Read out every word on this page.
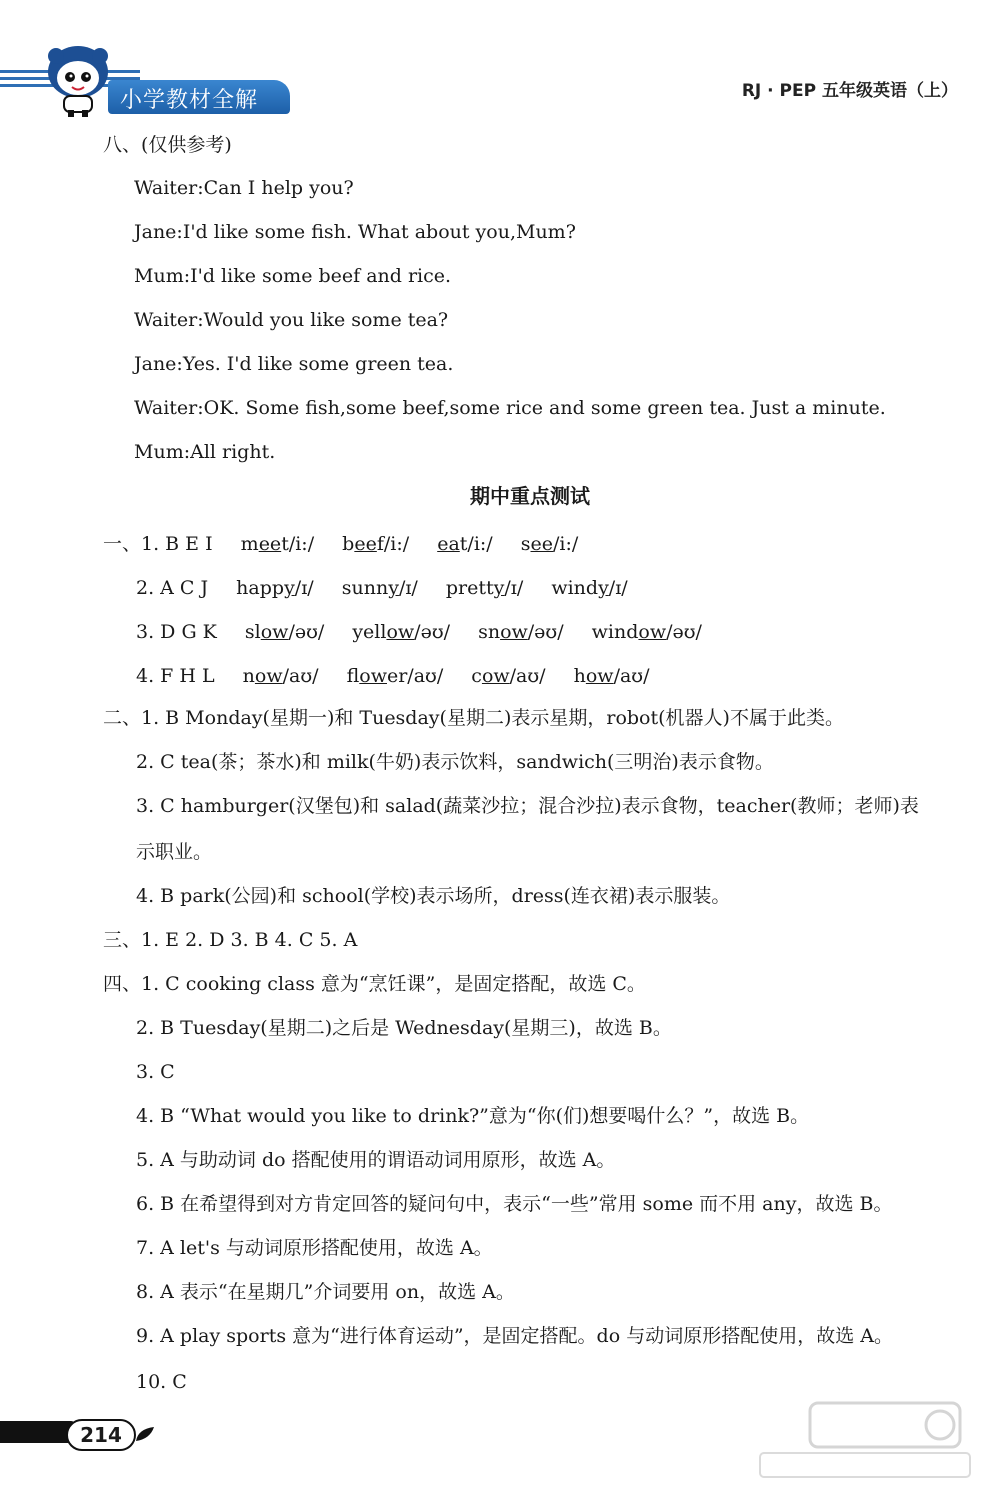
小学教材全解	RJ · PEP 五年级英语（上）
八、(仅供参考)
Waiter:Can I help you?
Jane:I'd like some fish. What about you,Mum?
Mum:I'd like some beef and rice.
Waiter:Would you like some tea?
Jane:Yes. I'd like some green tea.
Waiter:OK. Some fish,some beef,some rice and some green tea. Just a minute.
Mum:All right.
期中重点测试
一、1. B E I meet/i:/ beef/i:/ eat/i:/ see/i:/
2. A C J happy/ɪ/ sunny/ɪ/ pretty/ɪ/ windy/ɪ/
3. D G K slow/əʊ/ yellow/əʊ/ snow/əʊ/ window/əʊ/
4. F H L now/aʊ/ flower/aʊ/ cow/aʊ/ how/aʊ/
二、1. B Monday(星期一)和 Tuesday(星期二)表示星期，robot(机器人)不属于此类。
2. C tea(茶；茶水)和 milk(牛奶)表示饮料，sandwich(三明治)表示食物。
3. C hamburger(汉堡包)和 salad(蔬菜沙拉；混合沙拉)表示食物，teacher(教师；老师)表
示职业。
4. B park(公园)和 school(学校)表示场所，dress(连衣裙)表示服装。
三、1. E 2. D 3. B 4. C 5. A
四、1. C cooking class 意为“烹饪课”，是固定搭配，故选 C。
2. B Tuesday(星期二)之后是 Wednesday(星期三)，故选 B。
3. C
4. B “What would you like to drink?”意为“你(们)想要喝什么？”，故选 B。
5. A 与助动词 do 搭配使用的谓语动词用原形，故选 A。
6. B 在希望得到对方肯定回答的疑问句中，表示“一些”常用 some 而不用 any，故选 B。
7. A let's 与动词原形搭配使用，故选 A。
8. A 表示“在星期几”介词要用 on，故选 A。
9. A play sports 意为“进行体育运动”，是固定搭配。do 与动词原形搭配使用，故选 A。
10. C
214
